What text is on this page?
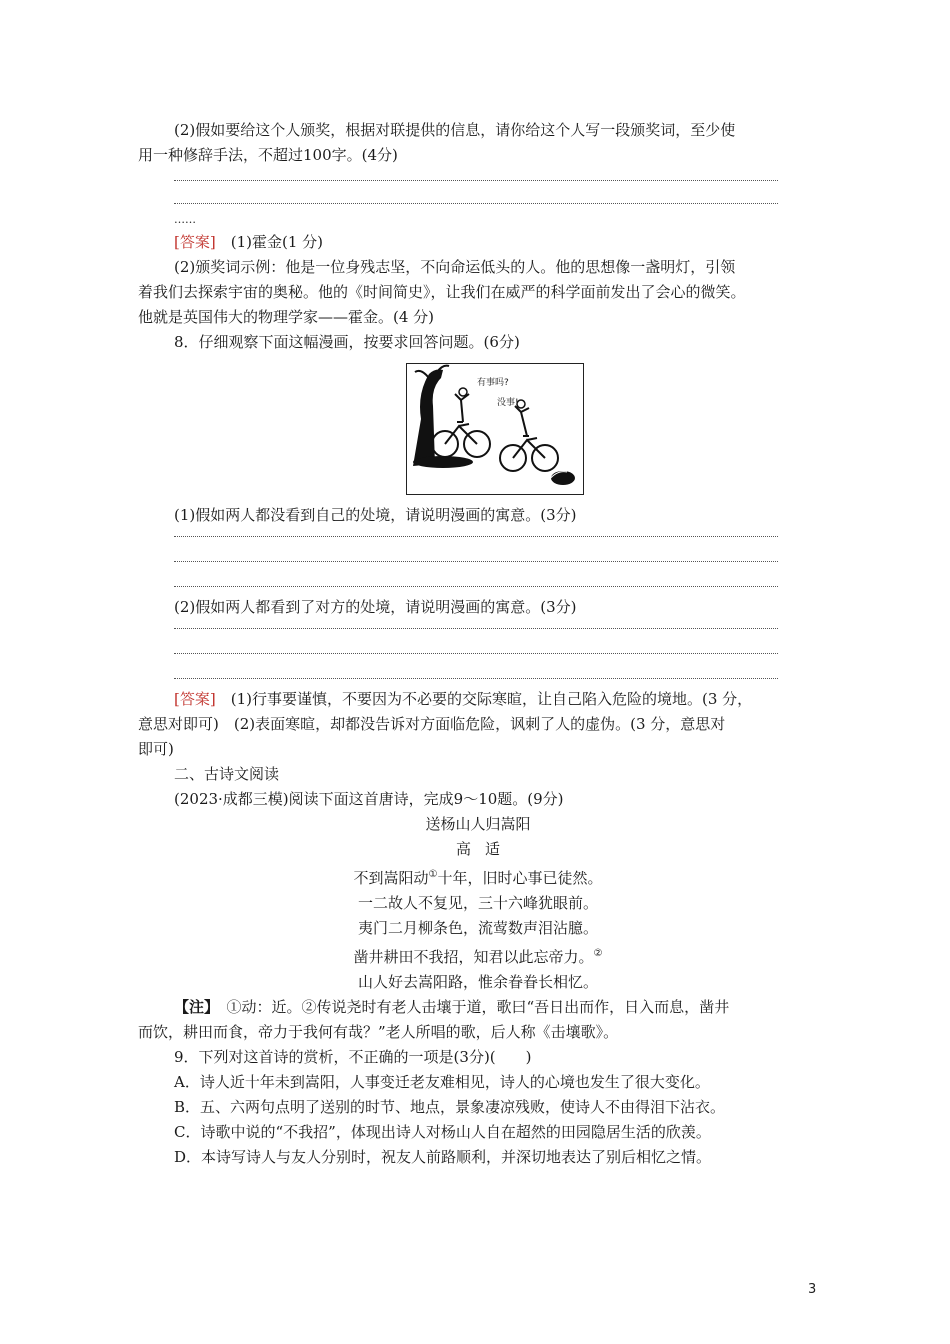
(2)假如要给这个人颁奖，根据对联提供的信息，请你给这个人写一段颁奖词，至少使

用一种修辞手法，不超过100字。(4分)

……

[答案]　 (1)霍金(1 分)

(2)颁奖词示例：他是一位身残志坚，不向命运低头的人。他的思想像一盏明灯，引领

着我们去探索宇宙的奥秘。他的《时间简史》，让我们在威严的科学面前发出了会心的微笑。

他就是英国伟大的物理学家——霍金。(4 分)

8．仔细观察下面这幅漫画，按要求回答问题。(6分)

有事吗?
没事!

(1)假如两人都没看到自己的处境，请说明漫画的寓意。(3分)

(2)假如两人都看到了对方的处境，请说明漫画的寓意。(3分)

[答案]　 (1)行事要谨慎，不要因为不必要的交际寒暄，让自己陷入危险的境地。(3 分，

意思对即可)　(2)表面寒暄，却都没告诉对方面临危险，讽刺了人的虚伪。(3 分，意思对

即可)

二、古诗文阅读

(2023·成都三模)阅读下面这首唐诗，完成9～10题。(9分)

送杨山人归嵩阳

高 适

不到嵩阳动①十年，旧时心事已徒然。

一二故人不复见，三十六峰犹眼前。

夷门二月柳条色，流莺数声泪沾臆。

凿井耕田不我招，知君以此忘帝力。②

山人好去嵩阳路，惟余眷眷长相忆。

【注】　①动：近。②传说尧时有老人击壤于道，歌曰“吾日出而作，日入而息，凿井

而饮，耕田而食，帝力于我何有哉？”老人所唱的歌，后人称《击壤歌》。

9．下列对这首诗的赏析，不正确的一项是(3分)(　　)

A．诗人近十年未到嵩阳，人事变迁老友难相见，诗人的心境也发生了很大变化。

B．五、六两句点明了送别的时节、地点，景象凄凉残败，使诗人不由得泪下沾衣。

C．诗歌中说的“不我招”，体现出诗人对杨山人自在超然的田园隐居生活的欣羡。

D．本诗写诗人与友人分别时，祝友人前路顺利，并深切地表达了别后相忆之情。

3
